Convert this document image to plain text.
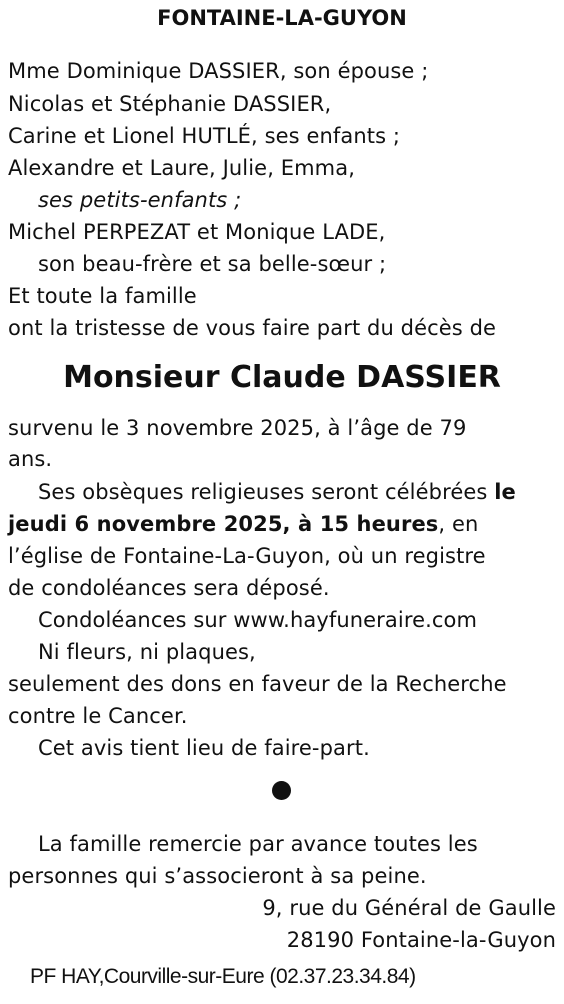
FONTAINE-LA-GUYON
Mme Dominique DASSIER, son épouse ;
Nicolas et Stéphanie DASSIER,
Carine et Lionel HUTLÉ, ses enfants ;
Alexandre et Laure, Julie, Emma,
ses petits-enfants ;
Michel PERPEZAT et Monique LADE,
son beau-frère et sa belle-sœur ;
Et toute la famille
ont la tristesse de vous faire part du décès de
Monsieur Claude DASSIER
survenu le 3 novembre 2025, à l’âge de 79
ans.
Ses obsèques religieuses seront célébrées le
jeudi 6 novembre 2025, à 15 heures, en
l’église de Fontaine-La-Guyon, où un registre
de condoléances sera déposé.
Condoléances sur www.hayfuneraire.com
Ni fleurs, ni plaques,
seulement des dons en faveur de la Recherche
contre le Cancer.
Cet avis tient lieu de faire-part.
La famille remercie par avance toutes les
personnes qui s’associeront à sa peine.
9, rue du Général de Gaulle
28190 Fontaine-la-Guyon
PF HAY,Courville-sur-Eure (02.37.23.34.84)
